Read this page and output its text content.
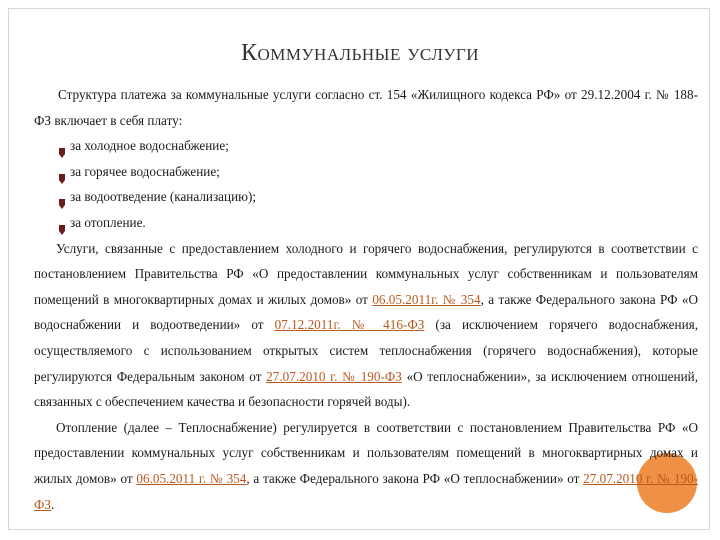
Коммунальные услуги

Структура платежа за коммунальные услуги согласно ст. 154 «Жилищного кодекса РФ» от 29.12.2004 г. № 188-ФЗ включает в себя плату:

за холодное водоснабжение;
за горячее водоснабжение;
за водоотведение (канализацию);
за отопление.

Услуги, связанные с предоставлением холодного и горячего водоснабжения, регулируются в соответствии с постановлением Правительства РФ «О предоставлении коммунальных услуг собственникам и пользователям помещений в многоквартирных домах и жилых домов» от 06.05.2011г. № 354, а также Федерального закона РФ «О водоснабжении и водоотведении» от 07.12.2011г. № 416-ФЗ (за исключением горячего водоснабжения, осуществляемого с использованием открытых систем теплоснабжения (горячего водоснабжения), которые регулируются Федеральным законом от 27.07.2010 г. № 190-ФЗ «О теплоснабжении», за исключением отношений, связанных с обеспечением качества и безопасности горячей воды).

Отопление (далее – Теплоснабжение) регулируется в соответствии с постановлением Правительства РФ «О предоставлении коммунальных услуг собственникам и пользователям помещений в многоквартирных домах и жилых домов» от 06.05.2011 г. № 354, а также Федерального закона РФ «О теплоснабжении» от 27.07.2010 г. № 190-ФЗ.
